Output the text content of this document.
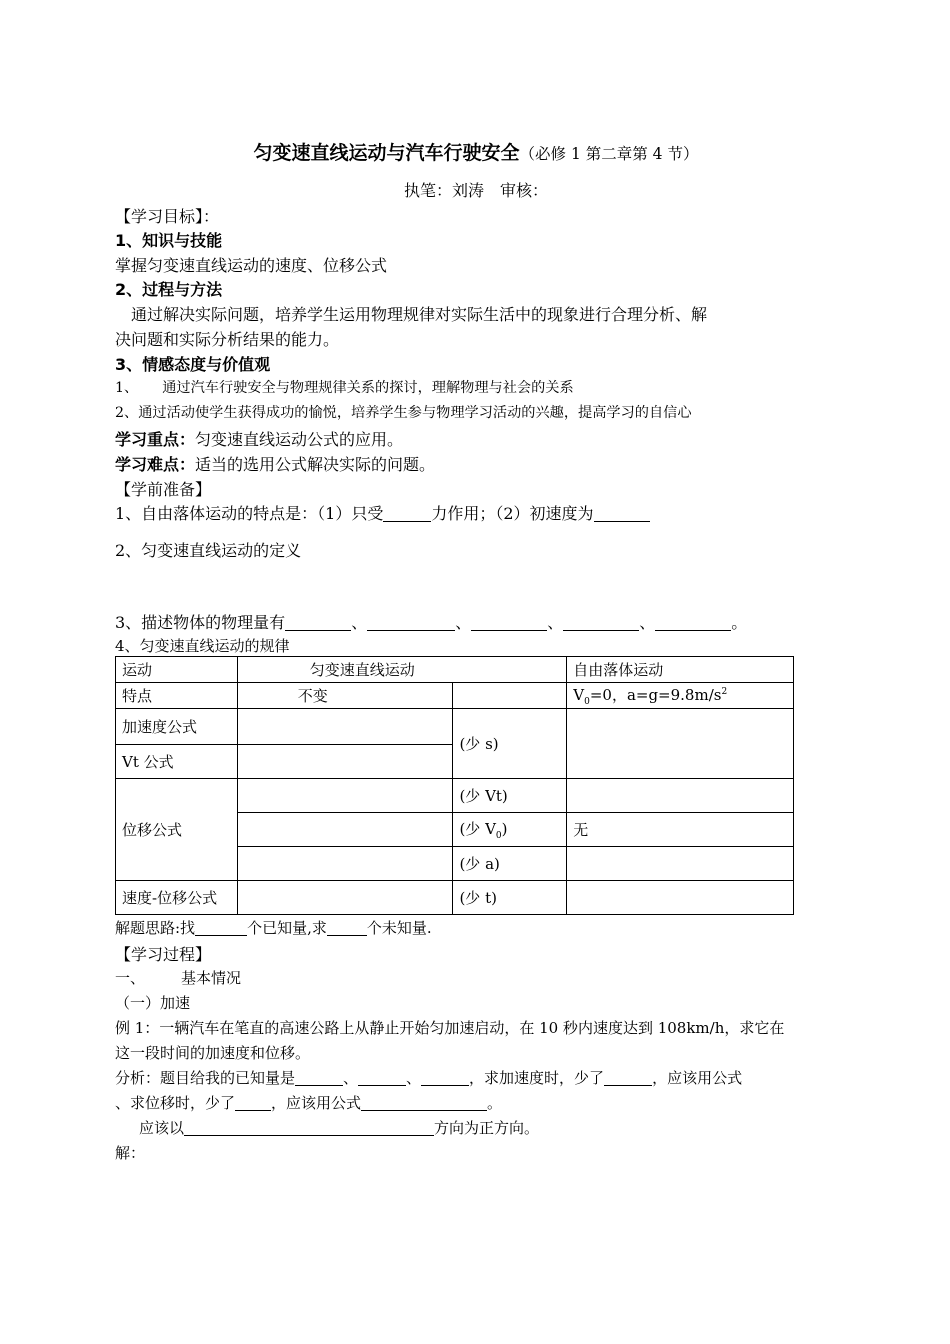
匀变速直线运动与汽车行驶安全（必修 1 第二章第 4 节）
执笔：刘涛　审核：
【学习目标】：
1、知识与技能
掌握匀变速直线运动的速度、位移公式
2、过程与方法
通过解决实际问题，培养学生运用物理规律对实际生活中的现象进行合理分析、解
决问题和实际分析结果的能力。
3、情感态度与价值观
1、 通过汽车行驶安全与物理规律关系的探讨，理解物理与社会的关系
2、通过活动使学生获得成功的愉悦，培养学生参与物理学习活动的兴趣，提高学习的自信心
学习重点：匀变速直线运动公式的应用。
学习难点：适当的选用公式解决实际的问题。
【学前准备】
1、自由落体运动的特点是：（1）只受	力作用；（2）初速度为
2、匀变速直线运动的定义
3、描述物体的物理量有	、	、	、	、	。
4、匀变速直线运动的规律
运动	匀变速直线运动		自由落体运动
特点	不变		$V_0=0$，$a=g=9.8m/s^2$
加速度公式		(少 s)	
Vt 公式			
位移公式		(少 Vt)	
		(少 $V_0$)	无
		(少 a)	
速度-位移公式		(少 t)	
解题思路:找	个已知量,求	个未知量.
【学习过程】
一、 基本情况
（一）加速
例 1：一辆汽车在笔直的高速公路上从静止开始匀加速启动，在 10 秒内速度达到 108km/h，求它在
这一段时间的加速度和位移。
分析：题目给我的已知量是	、	、	，求加速度时，少了	，应该用公式
、求位移时，少了 ，应该用公式	。
应该以	方向为正方向。
解：
